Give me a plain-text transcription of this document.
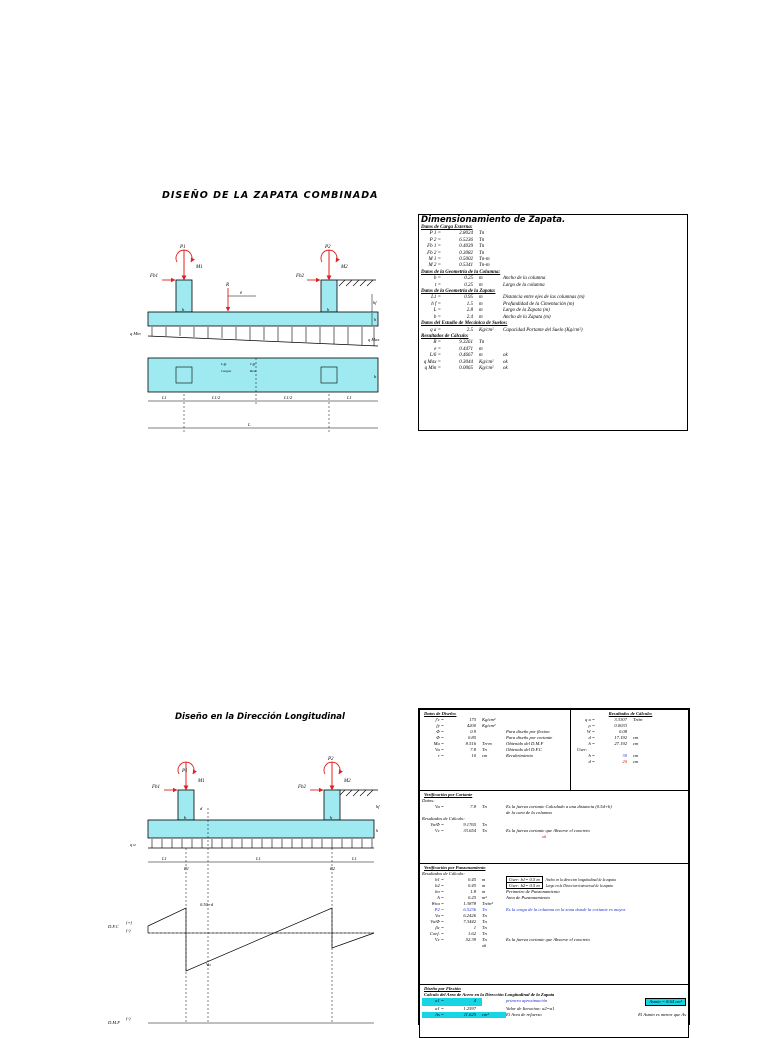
DISEÑO DE LA ZAPATA COMBINADA
P1	P2
M1	M2
Fb1	Fb2
R
e
b	b
hf
h
q Min
q Max
b
c.g.	c.g.
Cargas	Rest.
L1	L1/2	L1/2	L1
L
Dimensionamiento de Zapata.
Datos de Carga Externa:
P 1 =	2.8024	Tn
P 2 =	6.5236	Tn
Fb 1 =	0.4039	Tn
Fb 2 =	0.3082	Tn
M 1 =	0.5002	Tn-m
M 2 =	0.5341	Tn-m
Datos de la Geometria de la Columna:
b =	0.25	m	Ancho de la columna
t =	0.25	m	Largo de la columna
Datos de la Geometria de la Zapata:
L1 =	0.95	m	Distancia entre ejes de las columnas (m)
h f =	1.5	m	Profundidad de la Cimentación (m)
L =	2.8	m	Largo de la Zapata (m)
b =	2.4	m	Ancho de la Zapata (m)
Datos del Estudio de Mecánica de Suelos:
q a =	2.5	Kg/cm²	Capacidad Portante del Suelo (Kg/cm²)
Resultados de Cálculo:
R =	9.3261	Tn
e =	0.4471	m
L/6 =	0.4667	m	ok
q Max =	0.3044	Kg/cm²	ok
q Min =	0.0065	Kg/cm²	ok
Diseño en la Dirección Longitudinal
P1
P2
M1	M2
Fb1	Fb2
d
b	b
hf
h
q u
L1	L1	L1
R1	R2
D.F.C
(+)
(-)
0.50+d
Vu
D.M.F
(-)
Datos de Diseño:
f'c =	175	Kg/cm²
fy =	4200	Kg/cm²
Φ =	0.9	Para diseño por flexion
Φ =	0.85	Para diseño por cortante
Mu =	8.516	Tn-m	Obtenido del D.M.F
Vu =	7.8	Tn	Obtenido del D.F.C
r =	10	cm	Recubrimiento

Resultados de Cálculo:
q u =	3.3307	Tn/m
ρ =	0.0033
W =	0.08
d =	17.192	cm
h =	27.192	cm
User:
h =	30	cm
d =	20	cm

Verificación por Cortante
Datos:
Vu =	7.8	Tn	Es la fuerza cortante Calculado a una distancia (0.5d+b)
de la cara de la columna
Resultados de Cálculo:
Vu/Φ =	9.1765	Tn
Vc =	33.654	Tn	Es la fuerza cortante que Absorve el concreto
ok

Verificación por Punzonamiento
Resultados de Cálculo:
b1 =	0.45	m	User: b1= 0.5 m Ancho en la direccion longuitudinal de la zapata
b2 =	0.45	m	User: b2= 0.5 m Largo en la Direccion transversal de la zapata
bo =	1.8	m	Perimetro de Punzonamiento
A =	0.25	m²	Area de Punzonamiento
Wnu =	1.3878	Tn/m²
P2 =	6.5236	Tn	Es la carga de la columna en la zona donde la cortante es mayor
Vu =	6.2426	Tn
Vu/Φ =	7.3442	Tn
βc =	1	Tn
Coef. =	1.62	Tn
Vc =	52.39	Tn	Es la fuerza cortante que Absorve el concreto
ok

Diseño por Flexión
Calculo del Area de Acero en la Dirección Longitudinal de la Zapata
a1 =	4	primera aproximación	Asmin = 8.64 cm²
a1 =	1.2597	Valor de Iteracion: a2=a1
As =	11.625	cm²	El Area de refuerzo	El Asmin es menor que As
